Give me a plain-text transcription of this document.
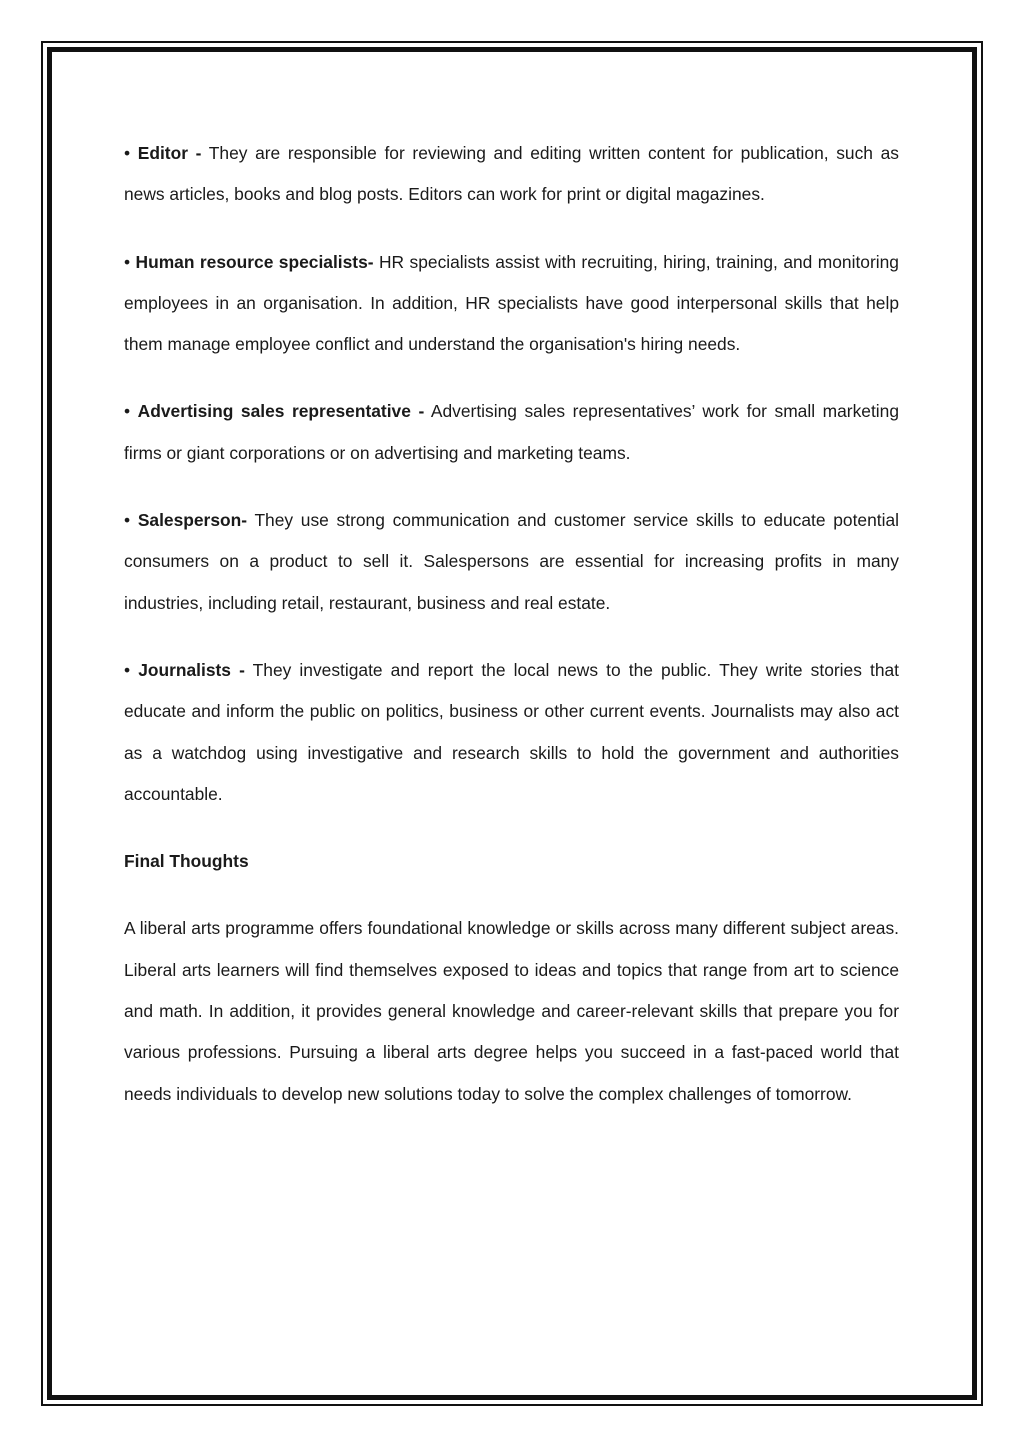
• Editor - They are responsible for reviewing and editing written content for publication, such as news articles, books and blog posts. Editors can work for print or digital magazines.

• Human resource specialists- HR specialists assist with recruiting, hiring, training, and monitoring employees in an organisation. In addition, HR specialists have good interpersonal skills that help them manage employee conflict and understand the organisation's hiring needs.

• Advertising sales representative - Advertising sales representatives’ work for small marketing firms or giant corporations or on advertising and marketing teams.

• Salesperson- They use strong communication and customer service skills to educate potential consumers on a product to sell it. Salespersons are essential for increasing profits in many industries, including retail, restaurant, business and real estate.

• Journalists - They investigate and report the local news to the public. They write stories that educate and inform the public on politics, business or other current events. Journalists may also act as a watchdog using investigative and research skills to hold the government and authorities accountable.

Final Thoughts

A liberal arts programme offers foundational knowledge or skills across many different subject areas. Liberal arts learners will find themselves exposed to ideas and topics that range from art to science and math. In addition, it provides general knowledge and career-relevant skills that prepare you for various professions. Pursuing a liberal arts degree helps you succeed in a fast-paced world that needs individuals to develop new solutions today to solve the complex challenges of tomorrow.
